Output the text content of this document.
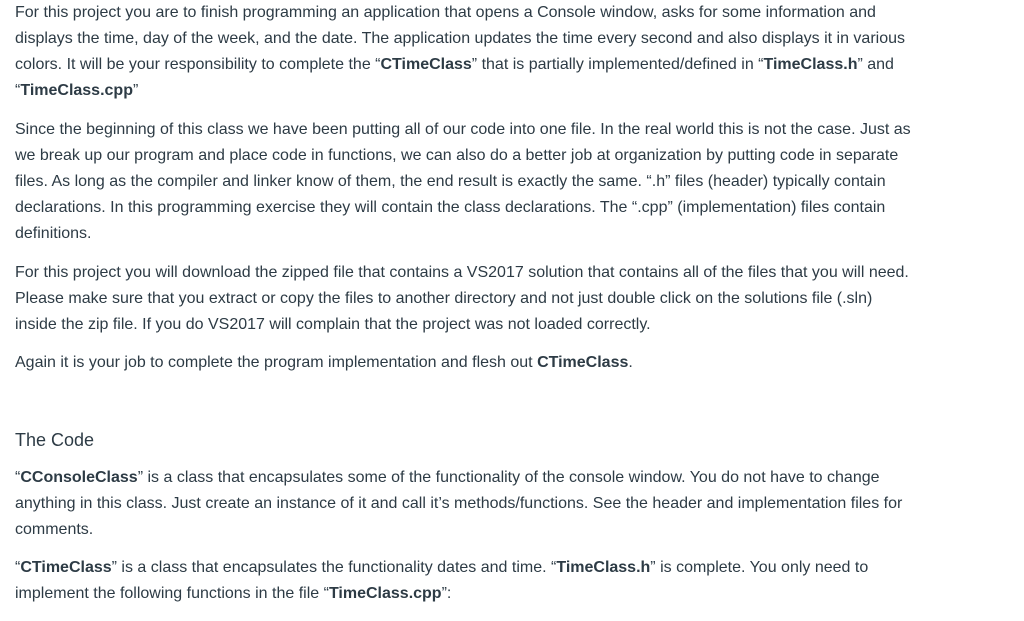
For this project you are to finish programming an application that opens a Console window, asks for some information and displays the time, day of the week, and the date. The application updates the time every second and also displays it in various colors. It will be your responsibility to complete the “CTimeClass” that is partially implemented/defined in “TimeClass.h” and “TimeClass.cpp”

Since the beginning of this class we have been putting all of our code into one file. In the real world this is not the case. Just as we break up our program and place code in functions, we can also do a better job at organization by putting code in separate files. As long as the compiler and linker know of them, the end result is exactly the same. “.h” files (header) typically contain declarations. In this programming exercise they will contain the class declarations. The “.cpp” (implementation) files contain definitions.

For this project you will download the zipped file that contains a VS2017 solution that contains all of the files that you will need. Please make sure that you extract or copy the files to another directory and not just double click on the solutions file (.sln) inside the zip file. If you do VS2017 will complain that the project was not loaded correctly.

Again it is your job to complete the program implementation and flesh out CTimeClass.

The Code

“CConsoleClass” is a class that encapsulates some of the functionality of the console window. You do not have to change anything in this class. Just create an instance of it and call it’s methods/functions. See the header and implementation files for comments.

“CTimeClass” is a class that encapsulates the functionality dates and time. “TimeClass.h” is complete. You only need to implement the following functions in the file “TimeClass.cpp”:
